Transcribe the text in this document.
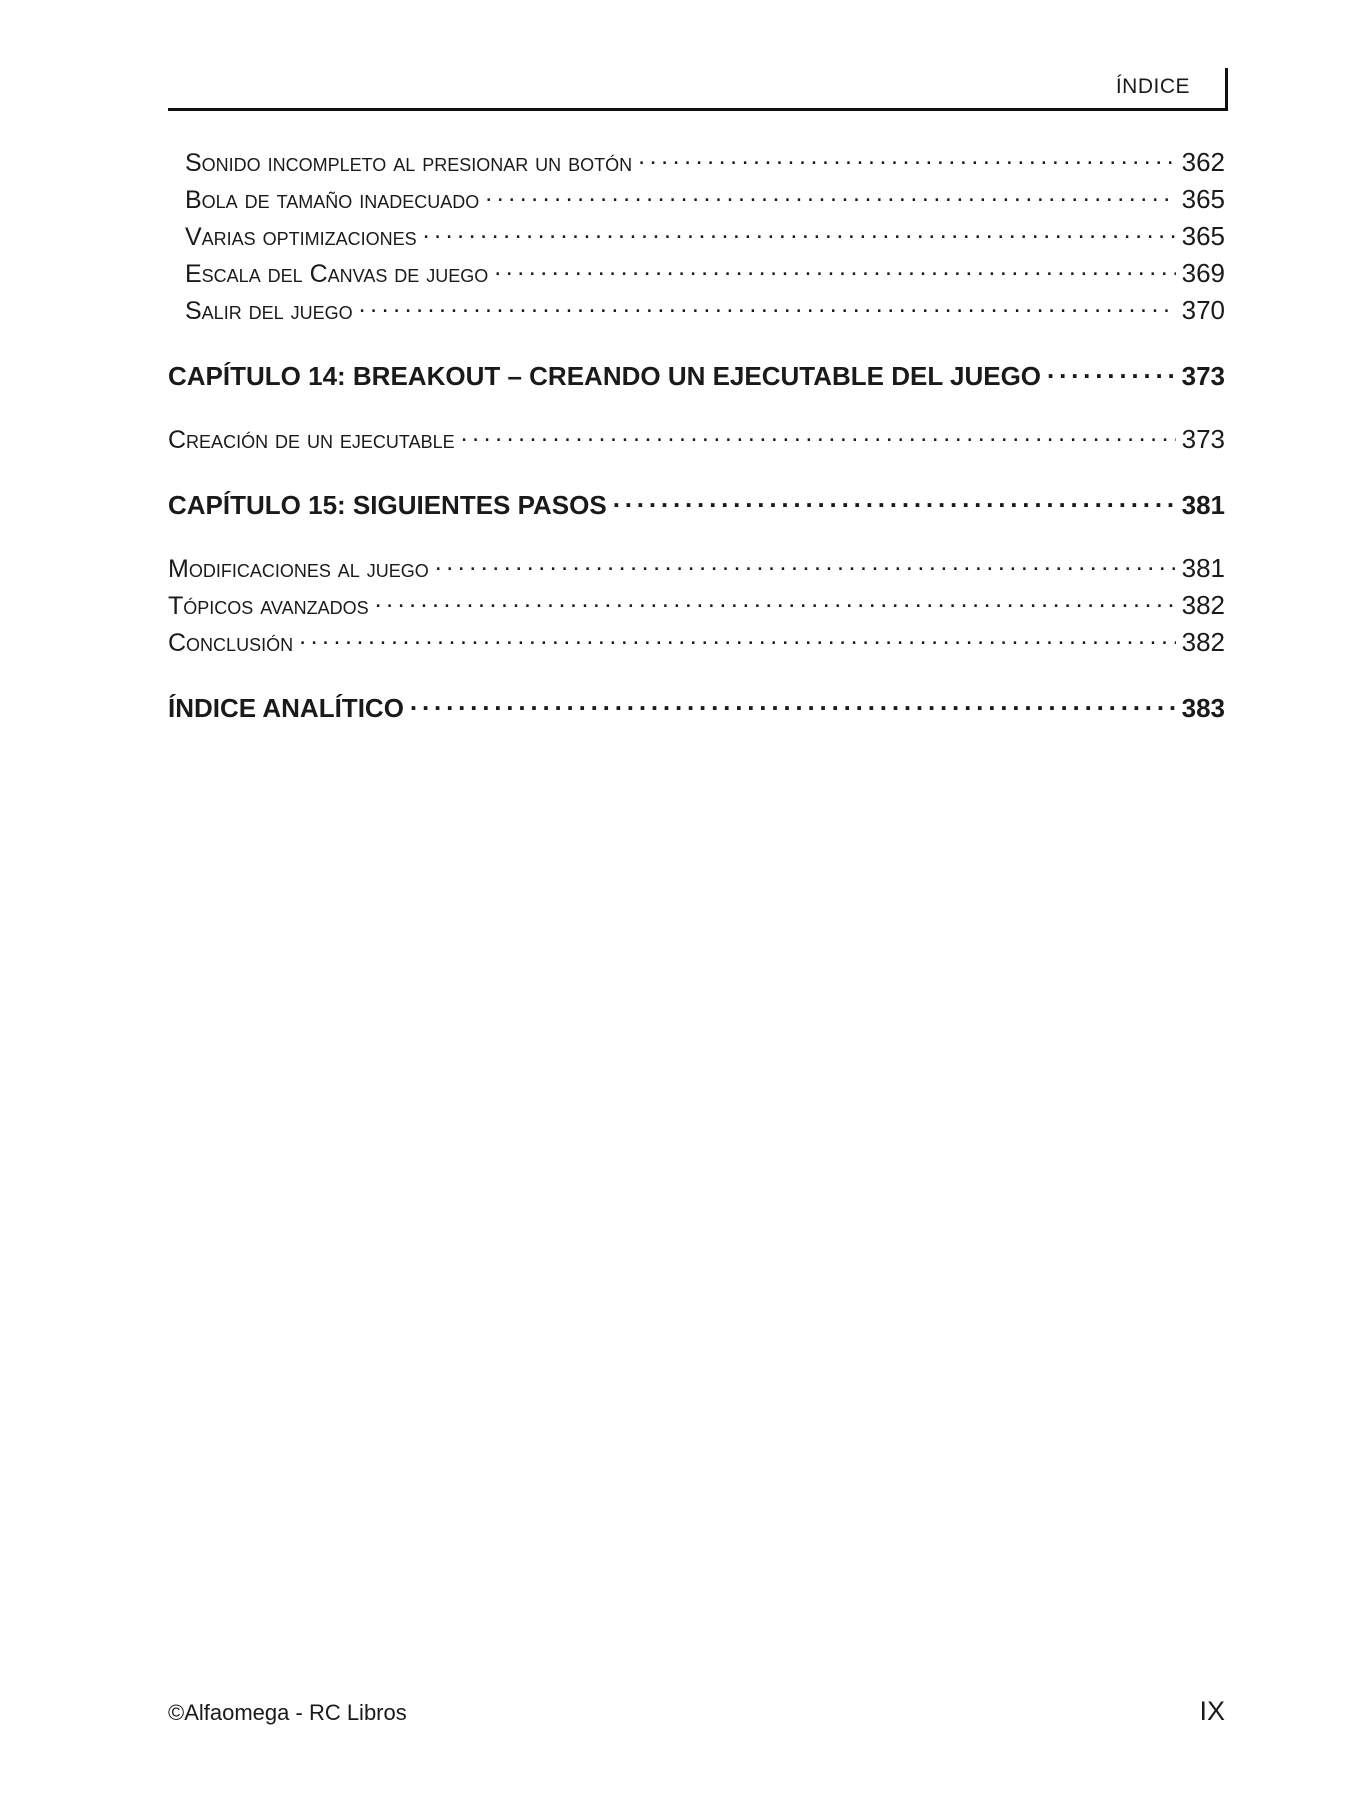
ÍNDICE
Sonido incompleto al presionar un botón . . .	362
Bola de tamaño inadecuado . . .	365
Varias optimizaciones . . .	365
Escala del Canvas de juego . . .	369
Salir del juego . . .	370
CAPÍTULO 14: BREAKOUT – CREANDO UN EJECUTABLE DEL JUEGO . . .	373
Creación de un ejecutable . . .	373
CAPÍTULO 15: SIGUIENTES PASOS . . .	381
Modificaciones al juego . . .	381
Tópicos avanzados . . .	382
Conclusión . . .	382
ÍNDICE ANALÍTICO . . .	383
©Alfaomega - RC Libros	IX
